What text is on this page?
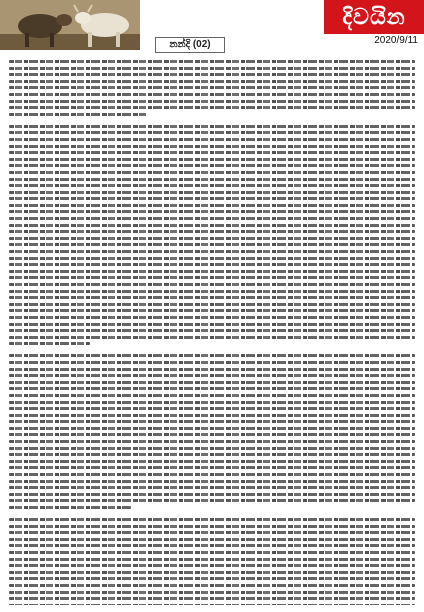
දිවයින
2020/9/11
නන්දි (02)
